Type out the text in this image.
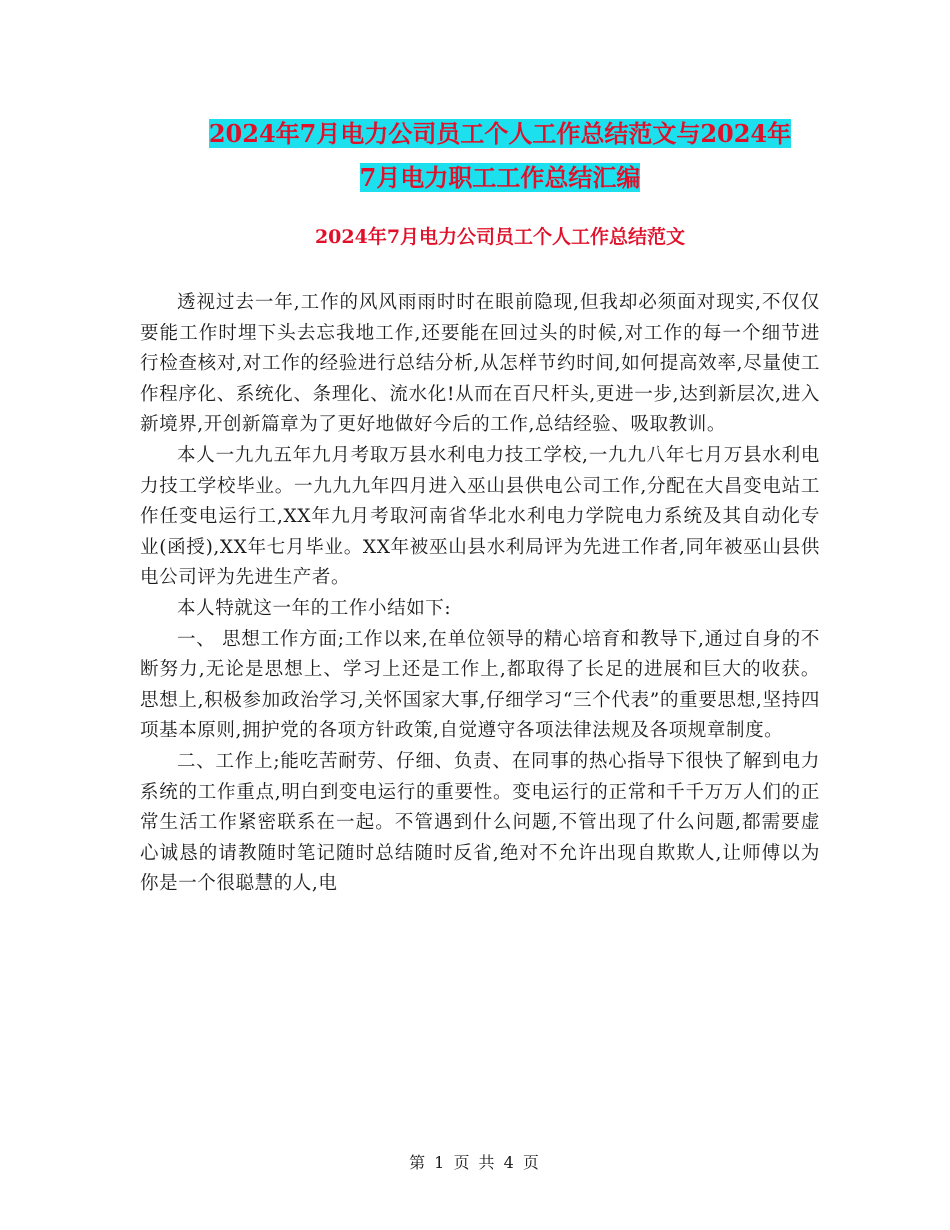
2024年7月电力公司员工个人工作总结范文与2024年
7月电力职工工作总结汇编
2024年7月电力公司员工个人工作总结范文

透视过去一年,工作的风风雨雨时时在眼前隐现,但我却必须面对现实,不仅仅要能工作时埋下头去忘我地工作,还要能在回过头的时候,对工作的每一个细节进行检查核对,对工作的经验进行总结分析,从怎样节约时间,如何提高效率,尽量使工作程序化、系统化、条理化、流水化!从而在百尺杆头,更进一步,达到新层次,进入新境界,开创新篇章为了更好地做好今后的工作,总结经验、吸取教训。

本人一九九五年九月考取万县水利电力技工学校,一九九八年七月万县水利电力技工学校毕业。一九九九年四月进入巫山县供电公司工作,分配在大昌变电站工作任变电运行工,XX年九月考取河南省华北水利电力学院电力系统及其自动化专业(函授),XX年七月毕业。XX年被巫山县水利局评为先进工作者,同年被巫山县供电公司评为先进生产者。

本人特就这一年的工作小结如下:

一、 思想工作方面;工作以来,在单位领导的精心培育和教导下,通过自身的不断努力,无论是思想上、学习上还是工作上,都取得了长足的进展和巨大的收获。思想上,积极参加政治学习,关怀国家大事,仔细学习“三个代表”的重要思想,坚持四项基本原则,拥护党的各项方针政策,自觉遵守各项法律法规及各项规章制度。

二、工作上;能吃苦耐劳、仔细、负责、在同事的热心指导下很快了解到电力系统的工作重点,明白到变电运行的重要性。变电运行的正常和千千万万人们的正常生活工作紧密联系在一起。不管遇到什么问题,不管出现了什么问题,都需要虚心诚恳的请教随时笔记随时总结随时反省,绝对不允许出现自欺欺人,让师傅以为你是一个很聪慧的人,电

第 1 页 共 4 页
